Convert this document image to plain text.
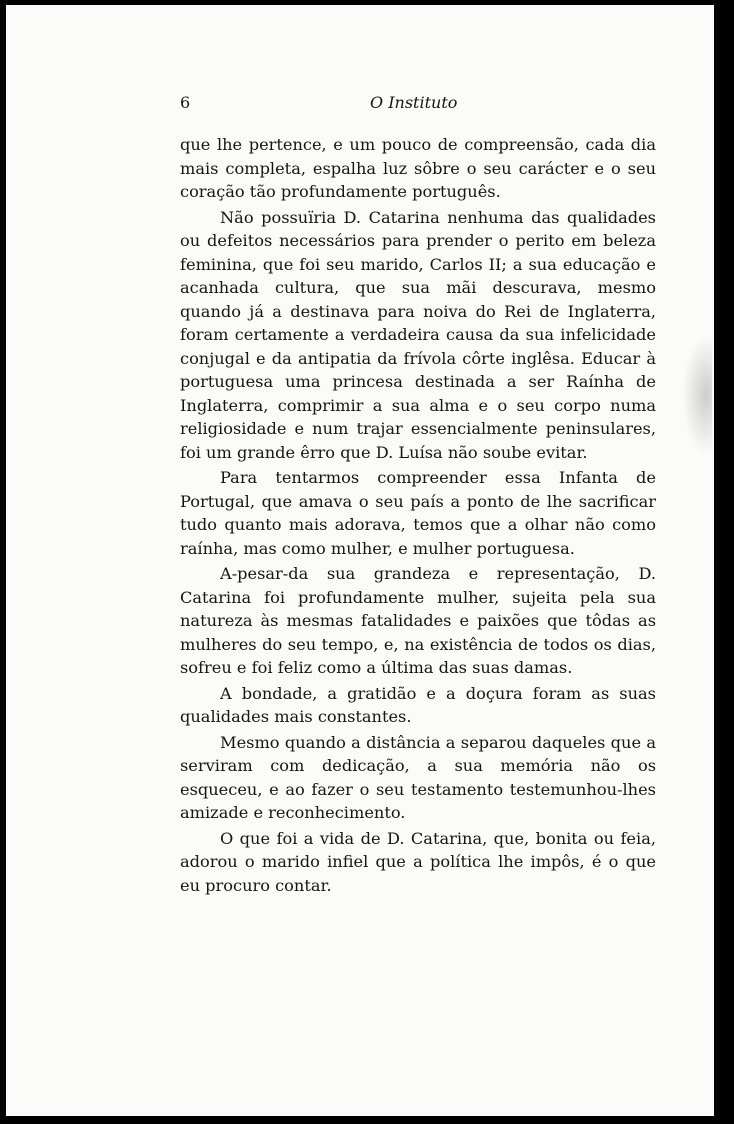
6	O Instituto

que lhe pertence, e um pouco de compreensão, cada dia mais completa, espalha luz sôbre o seu carácter e o seu coração tão profundamente português.

Não possuïria D. Catarina nenhuma das qualidades ou defeitos necessários para prender o perito em beleza feminina, que foi seu marido, Carlos II; a sua educação e acanhada cultura, que sua mãi descurava, mesmo quando já a destinava para noiva do Rei de Inglaterra, foram certamente a verdadeira causa da sua infelicidade conjugal e da antipatia da frívola côrte inglêsa. Educar à portuguesa uma princesa destinada a ser Raínha de Inglaterra, comprimir a sua alma e o seu corpo numa religiosidade e num trajar essencialmente peninsulares, foi um grande êrro que D. Luísa não soube evitar.

Para tentarmos compreender essa Infanta de Portugal, que amava o seu país a ponto de lhe sacrificar tudo quanto mais adorava, temos que a olhar não como raínha, mas como mulher, e mulher portuguesa.

A-pesar-da sua grandeza e representação, D. Catarina foi profundamente mulher, sujeita pela sua natureza às mesmas fatalidades e paixões que tôdas as mulheres do seu tempo, e, na existência de todos os dias, sofreu e foi feliz como a última das suas damas.

A bondade, a gratidão e a doçura foram as suas qualidades mais constantes.

Mesmo quando a distância a separou daqueles que a serviram com dedicação, a sua memória não os esqueceu, e ao fazer o seu testamento testemunhou-lhes amizade e reconhecimento.

O que foi a vida de D. Catarina, que, bonita ou feia, adorou o marido infiel que a política lhe impôs, é o que eu procuro contar.
